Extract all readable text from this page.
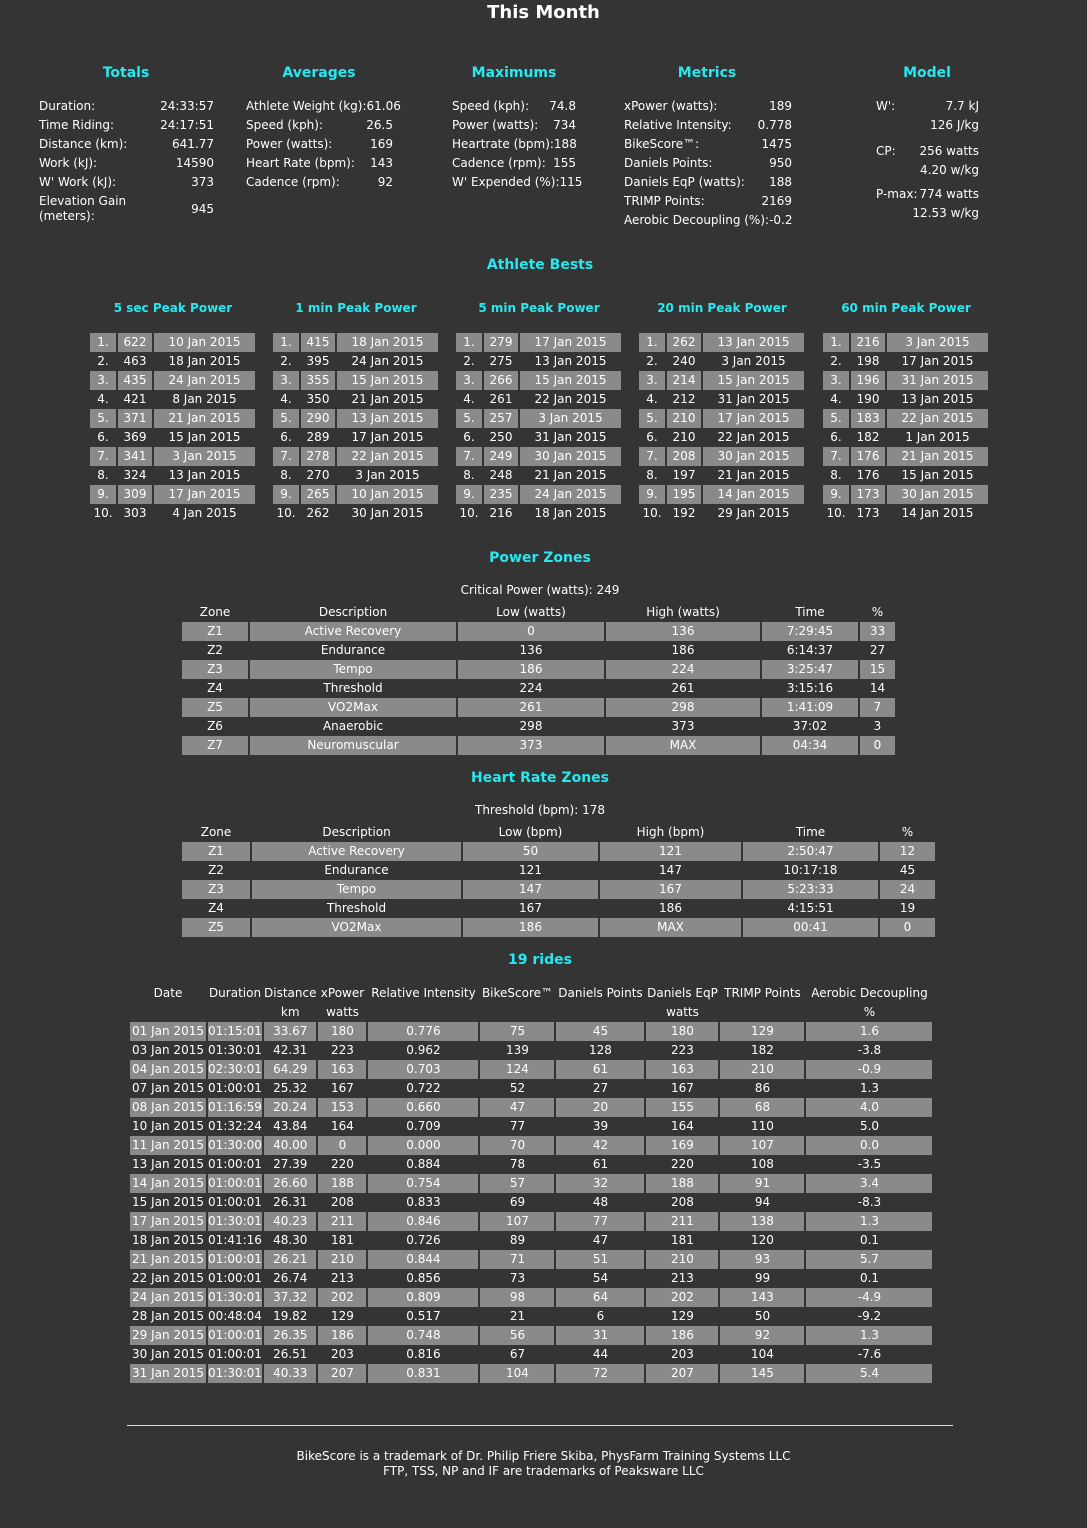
This Month
Totals	Averages	Maximums	Metrics	Model
Duration:	24:33:57
Time Riding:	24:17:51
Distance (km):	641.77
Work (kJ):	14590
W' Work (kJ):	373
Elevation Gain
(meters):
945
Athlete Weight (kg): 61.06
Speed (kph):	26.5
Power (watts):	169
Heart Rate (bpm): 143
Cadence (rpm):	92
Speed (kph): 74.8
Power (watts): 734
Heartrate (bpm): 188
Cadence (rpm): 155
W' Expended (%): 115
xPower (watts):	189
Relative Intensity: 0.778
BikeScore™:	1475
Daniels Points:	950
Daniels EqP (watts): 188
TRIMP Points:	2169
Aerobic Decoupling (%): -0.2
W':	7.7 kJ
126 J/kg
CP: 256 watts
4.20 w/kg
P-max: 774 watts
12.53 w/kg
Athlete Bests
5 sec Peak Power
1.	622	10 Jan 2015
2.	463	18 Jan 2015
3.	435	24 Jan 2015
4.	421	8 Jan 2015
5.	371	21 Jan 2015
6.	369	15 Jan 2015
7.	341	3 Jan 2015
8.	324	13 Jan 2015
9.	309	17 Jan 2015
10.	303	4 Jan 2015
1 min Peak Power
1.	415	18 Jan 2015
2.	395	24 Jan 2015
3.	355	15 Jan 2015
4.	350	21 Jan 2015
5.	290	13 Jan 2015
6.	289	17 Jan 2015
7.	278	22 Jan 2015
8.	270	3 Jan 2015
9.	265	10 Jan 2015
10.	262	30 Jan 2015
5 min Peak Power
1.	279	17 Jan 2015
2.	275	13 Jan 2015
3.	266	15 Jan 2015
4.	261	22 Jan 2015
5.	257	3 Jan 2015
6.	250	31 Jan 2015
7.	249	30 Jan 2015
8.	248	21 Jan 2015
9.	235	24 Jan 2015
10.	216	18 Jan 2015
20 min Peak Power
1.	262	13 Jan 2015
2.	240	3 Jan 2015
3.	214	15 Jan 2015
4.	212	31 Jan 2015
5.	210	17 Jan 2015
6.	210	22 Jan 2015
7.	208	30 Jan 2015
8.	197	21 Jan 2015
9.	195	14 Jan 2015
10.	192	29 Jan 2015
60 min Peak Power
1.	216	3 Jan 2015
2.	198	17 Jan 2015
3.	196	31 Jan 2015
4.	190	13 Jan 2015
5.	183	22 Jan 2015
6.	182	1 Jan 2015
7.	176	21 Jan 2015
8.	176	15 Jan 2015
9.	173	30 Jan 2015
10.	173	14 Jan 2015
Power Zones
Critical Power (watts): 249
Zone	Description	Low (watts)	High (watts)	Time	%
Z1	Active Recovery	0	136	7:29:45	33
Z2	Endurance	136	186	6:14:37	27
Z3	Tempo	186	224	3:25:47	15
Z4	Threshold	224	261	3:15:16	14
Z5	VO2Max	261	298	1:41:09	7
Z6	Anaerobic	298	373	37:02	3
Z7	Neuromuscular	373	MAX	04:34	0
Heart Rate Zones
Threshold (bpm): 178
Zone	Description	Low (bpm)	High (bpm)	Time	%
Z1	Active Recovery	50	121	2:50:47	12
Z2	Endurance	121	147	10:17:18	45
Z3	Tempo	147	167	5:23:33	24
Z4	Threshold	167	186	4:15:51	19
Z5	VO2Max	186	MAX	00:41	0
19 rides
Date	Duration	Distance	xPower	Relative Intensity	BikeScore™	Daniels Points	Daniels EqP	TRIMP Points	Aerobic Decoupling
		km	watts				watts		%
01 Jan 2015	01:15:01	33.67	180	0.776	75	45	180	129	1.6
03 Jan 2015	01:30:01	42.31	223	0.962	139	128	223	182	-3.8
04 Jan 2015	02:30:01	64.29	163	0.703	124	61	163	210	-0.9
07 Jan 2015	01:00:01	25.32	167	0.722	52	27	167	86	1.3
08 Jan 2015	01:16:59	20.24	153	0.660	47	20	155	68	4.0
10 Jan 2015	01:32:24	43.84	164	0.709	77	39	164	110	5.0
11 Jan 2015	01:30:00	40.00	0	0.000	70	42	169	107	0.0
13 Jan 2015	01:00:01	27.39	220	0.884	78	61	220	108	-3.5
14 Jan 2015	01:00:01	26.60	188	0.754	57	32	188	91	3.4
15 Jan 2015	01:00:01	26.31	208	0.833	69	48	208	94	-8.3
17 Jan 2015	01:30:01	40.23	211	0.846	107	77	211	138	1.3
18 Jan 2015	01:41:16	48.30	181	0.726	89	47	181	120	0.1
21 Jan 2015	01:00:01	26.21	210	0.844	71	51	210	93	5.7
22 Jan 2015	01:00:01	26.74	213	0.856	73	54	213	99	0.1
24 Jan 2015	01:30:01	37.32	202	0.809	98	64	202	143	-4.9
28 Jan 2015	00:48:04	19.82	129	0.517	21	6	129	50	-9.2
29 Jan 2015	01:00:01	26.35	186	0.748	56	31	186	92	1.3
30 Jan 2015	01:00:01	26.51	203	0.816	67	44	203	104	-7.6
31 Jan 2015	01:30:01	40.33	207	0.831	104	72	207	145	5.4
BikeScore is a trademark of Dr. Philip Friere Skiba, PhysFarm Training Systems LLC
FTP, TSS, NP and IF are trademarks of Peaksware LLC
